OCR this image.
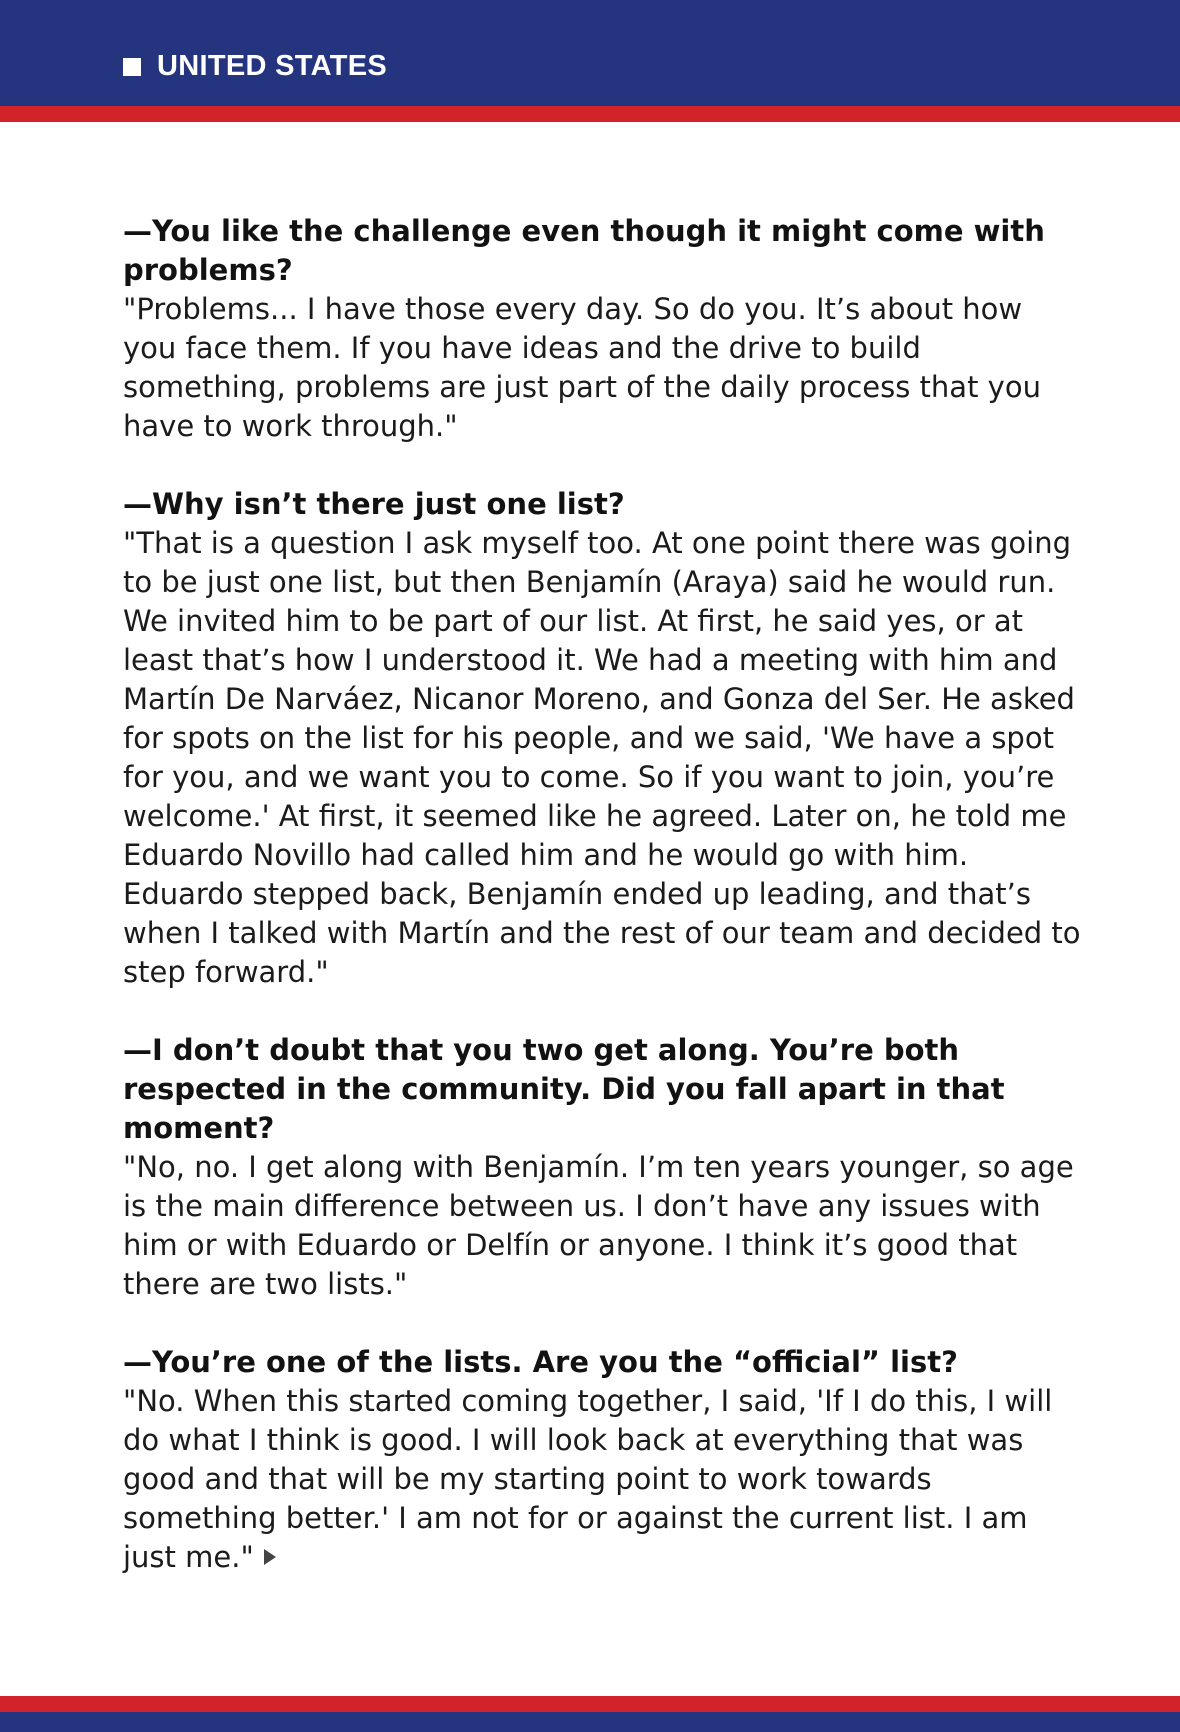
UNITED STATES

—You like the challenge even though it might come with problems?

"Problems... I have those every day. So do you. It’s about how you face them. If you have ideas and the drive to build something, problems are just part of the daily process that you have to work through."

—Why isn’t there just one list?

"That is a question I ask myself too. At one point there was going to be just one list, but then Benjamín (Araya) said he would run. We invited him to be part of our list. At first, he said yes, or at least that’s how I understood it. We had a meeting with him and Martín De Narváez, Nicanor Moreno, and Gonza del Ser. He asked for spots on the list for his people, and we said, 'We have a spot for you, and we want you to come. So if you want to join, you’re welcome.' At first, it seemed like he agreed. Later on, he told me Eduardo Novillo had called him and he would go with him. Eduardo stepped back, Benjamín ended up leading, and that’s when I talked with Martín and the rest of our team and decided to step forward."

—I don’t doubt that you two get along. You’re both respected in the community. Did you fall apart in that moment?

"No, no. I get along with Benjamín. I’m ten years younger, so age is the main difference between us. I don’t have any issues with him or with Eduardo or Delfín or anyone. I think it’s good that there are two lists."

—You’re one of the lists. Are you the “official” list?

"No. When this started coming together, I said, 'If I do this, I will do what I think is good. I will look back at everything that was good and that will be my starting point to work towards something better.' I am not for or against the current list. I am just me."
